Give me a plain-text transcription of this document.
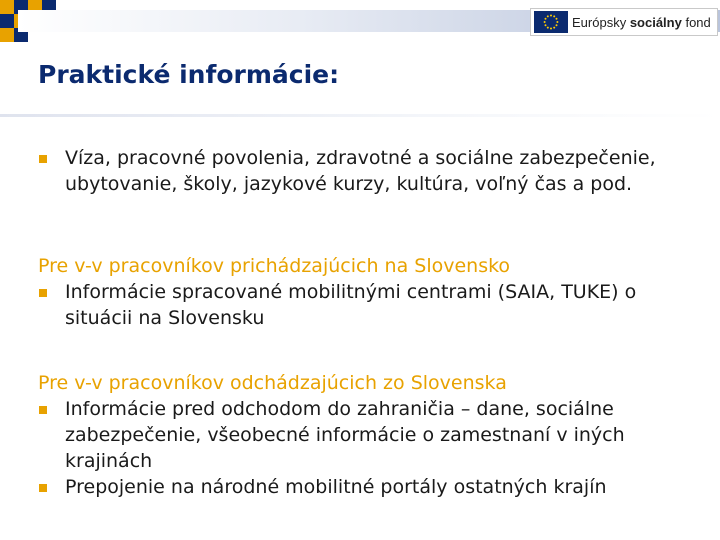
Európsky sociálny fond
Praktické informácie:
Víza, pracovné povolenia, zdravotné a sociálne zabezpečenie, ubytovanie, školy, jazykové kurzy, kultúra, voľný čas a pod.
Pre v-v pracovníkov prichádzajúcich na Slovensko
Informácie spracované mobilitnými centrami (SAIA, TUKE) o situácii na Slovensku
Pre v-v pracovníkov odchádzajúcich zo Slovenska
Informácie pred odchodom do zahraničia – dane, sociálne zabezpečenie, všeobecné informácie o zamestnaní v iných krajinách
Prepojenie na národné mobilitné portály ostatných krajín
